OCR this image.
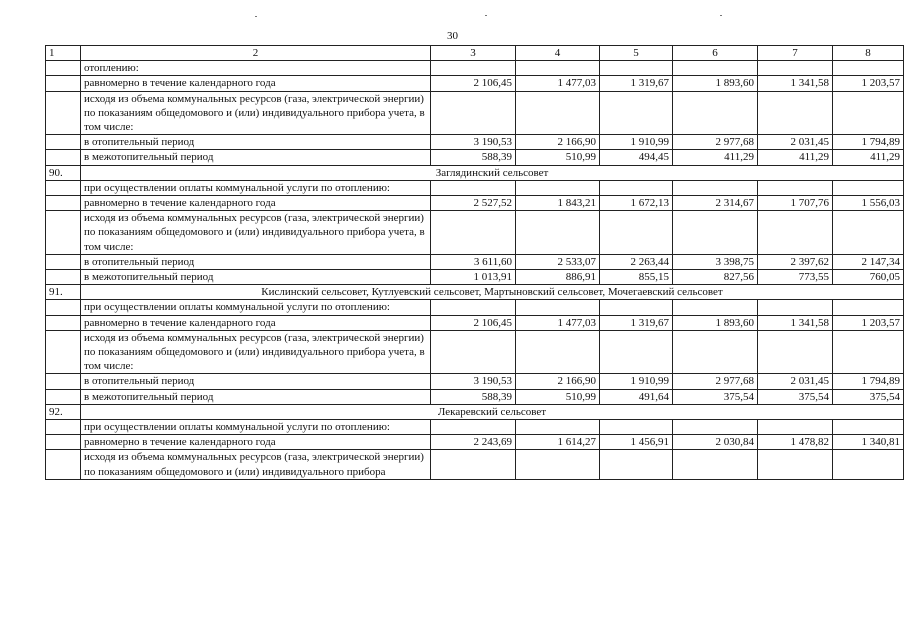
30
1	2	3	4	5	6	7	8
	отоплению:						
	равномерно в течение календарного года	2 106,45	1 477,03	1 319,67	1 893,60	1 341,58	1 203,57
	исходя из объема коммунальных ресурсов (газа, электрической энергии) по показаниям общедомового и (или) индивидуального прибора учета, в том числе:						
	в отопительный период	3 190,53	2 166,90	1 910,99	2 977,68	2 031,45	1 794,89
	в межотопительный период	588,39	510,99	494,45	411,29	411,29	411,29
90.	Заглядинский сельсовет						
	при осуществлении оплаты коммунальной услуги по отоплению:						
	равномерно в течение календарного года	2 527,52	1 843,21	1 672,13	2 314,67	1 707,76	1 556,03
	исходя из объема коммунальных ресурсов (газа, электрической энергии) по показаниям общедомового и (или) индивидуального прибора учета, в том числе:						
	в отопительный период	3 611,60	2 533,07	2 263,44	3 398,75	2 397,62	2 147,34
	в межотопительный период	1 013,91	886,91	855,15	827,56	773,55	760,05
91.	Кислинский сельсовет, Кутлуевский сельсовет, Мартыновский сельсовет, Мочегаевский сельсовет						
	при осуществлении оплаты коммунальной услуги по отоплению:						
	равномерно в течение календарного года	2 106,45	1 477,03	1 319,67	1 893,60	1 341,58	1 203,57
	исходя из объема коммунальных ресурсов (газа, электрической энергии) по показаниям общедомового и (или) индивидуального прибора учета, в том числе:						
	в отопительный период	3 190,53	2 166,90	1 910,99	2 977,68	2 031,45	1 794,89
	в межотопительный период	588,39	510,99	491,64	375,54	375,54	375,54
92.	Лекаревский сельсовет						
	при осуществлении оплаты коммунальной услуги по отоплению:						
	равномерно в течение календарного года	2 243,69	1 614,27	1 456,91	2 030,84	1 478,82	1 340,81
	исходя из объема коммунальных ресурсов (газа, электрической энергии) по показаниям общедомового и (или) индивидуального прибора						
